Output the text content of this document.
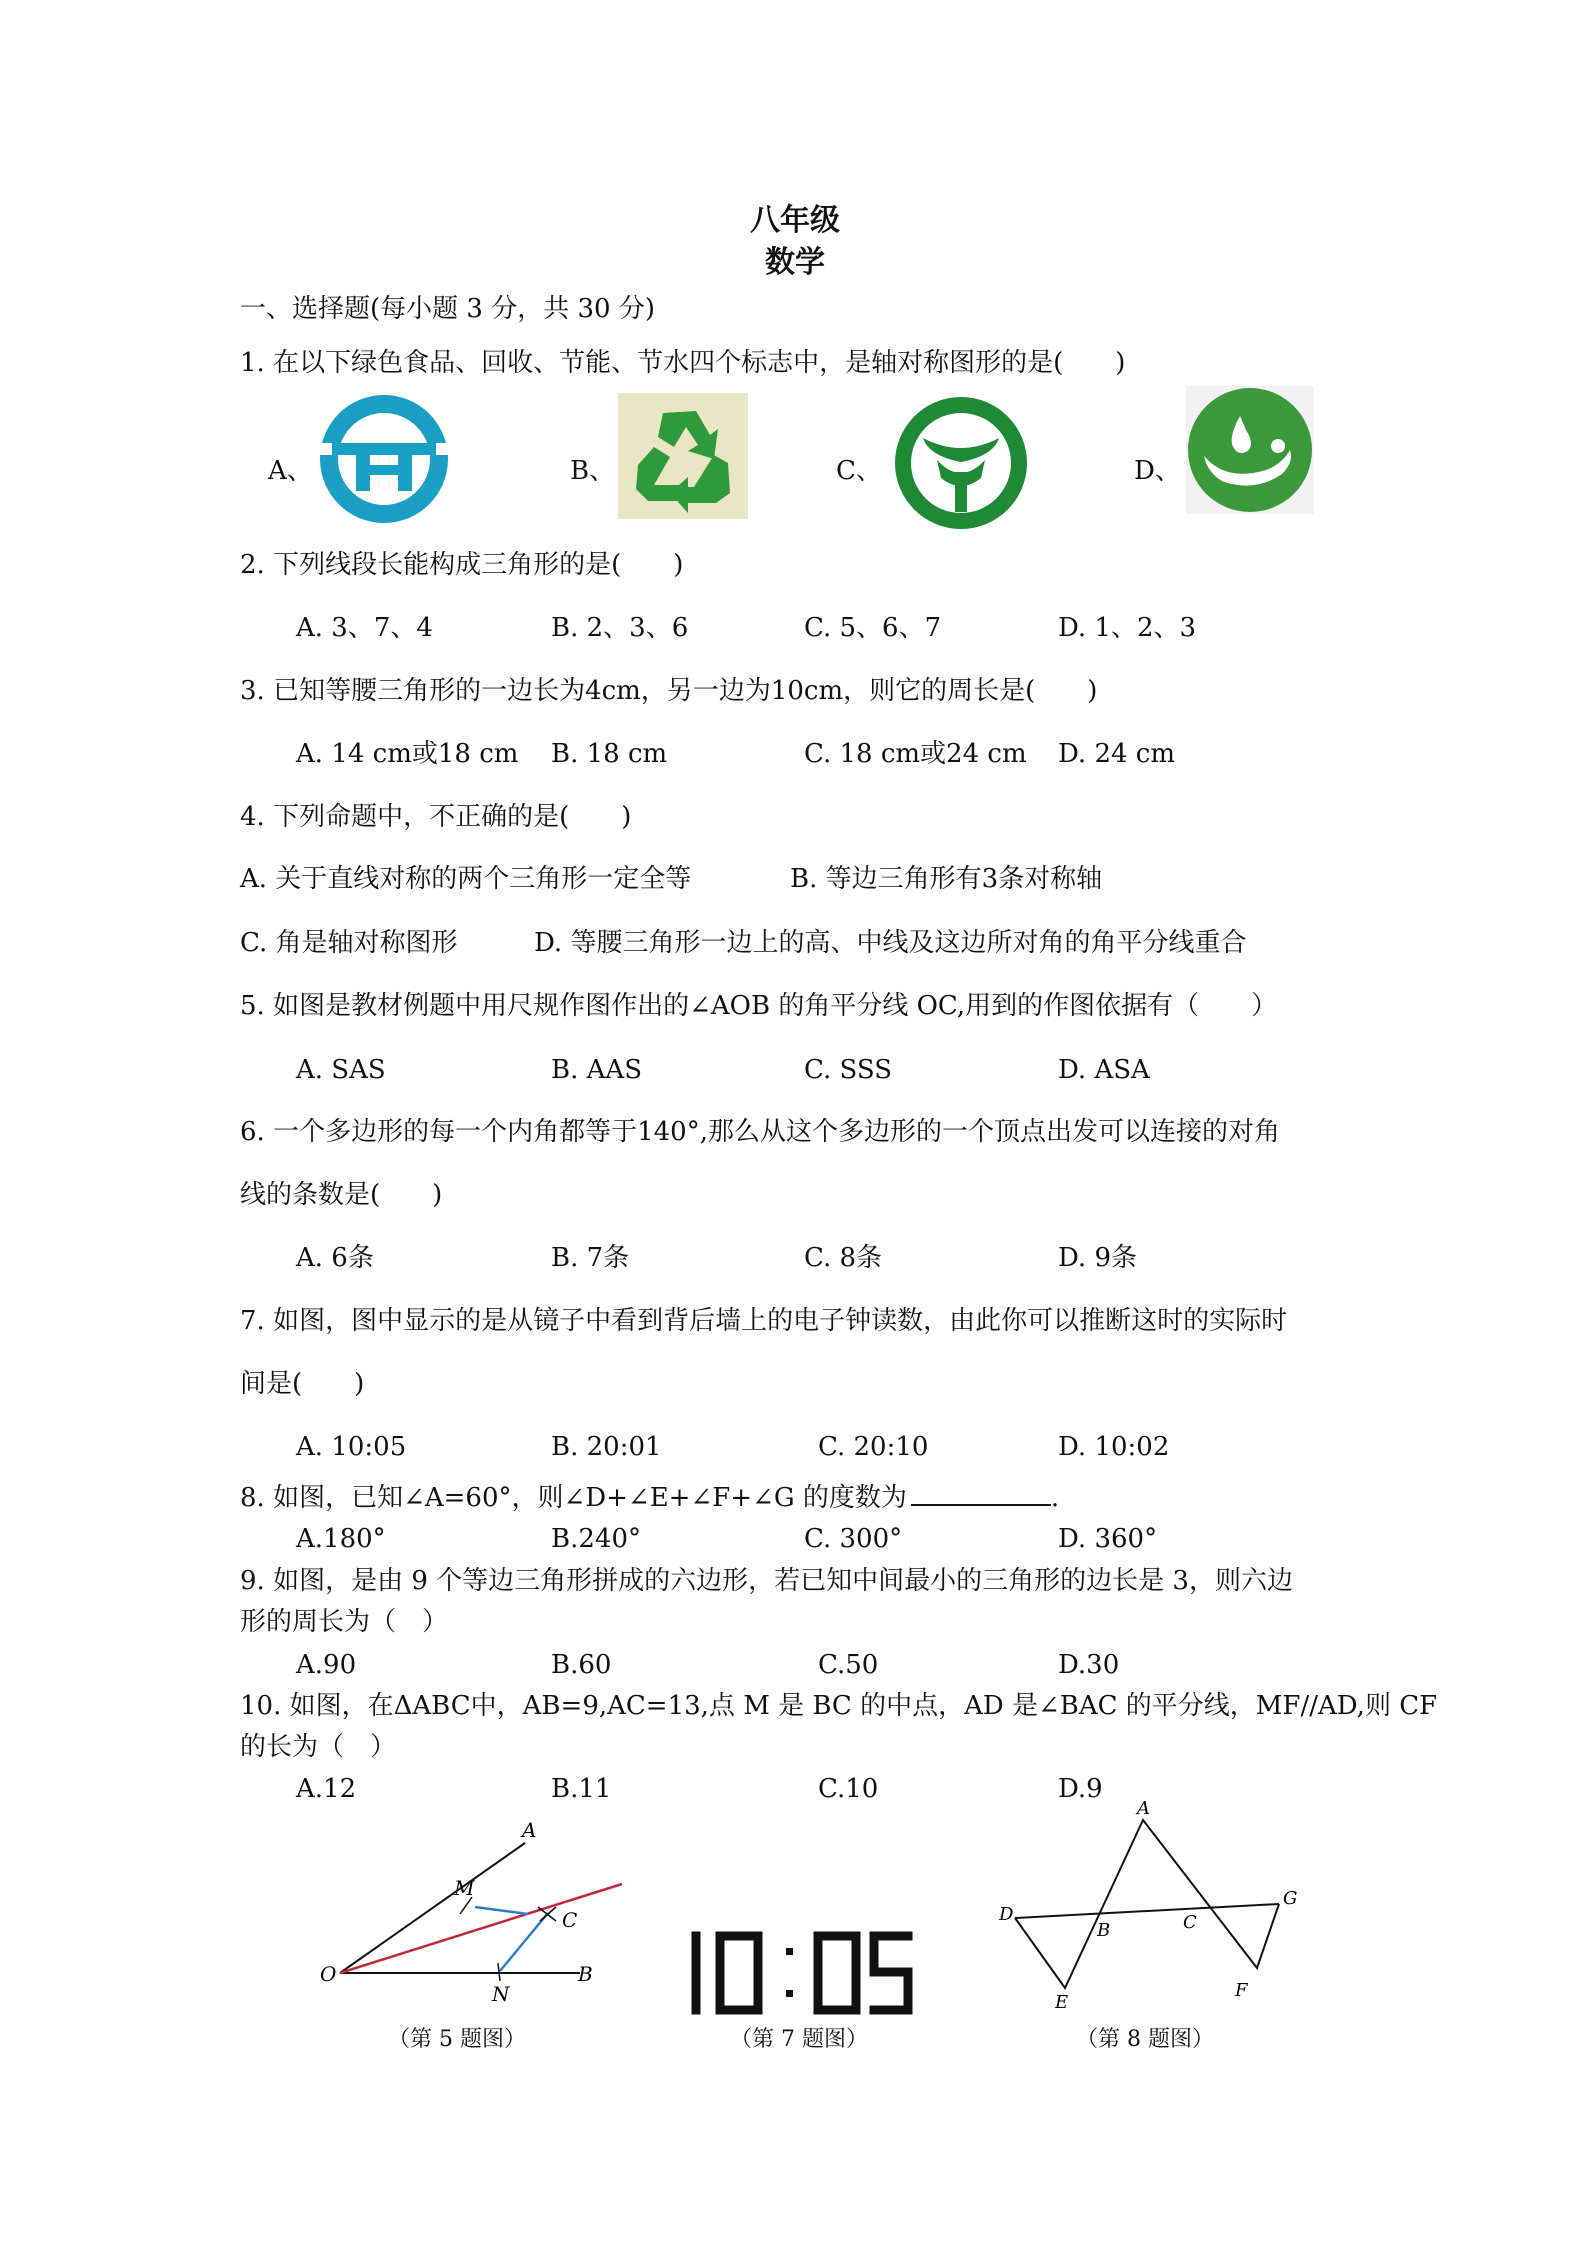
八年级
数学
一、选择题(每小题 3 分，共 30 分)
1. 在以下绿色食品、回收、节能、节水四个标志中，是轴对称图形的是(　　)
A、	B、	C、	D、
2. 下列线段长能构成三角形的是(　　)
A. 3、7、4	B. 2、3、6	C. 5、6、7	D. 1、2、3
3. 已知等腰三角形的一边长为4cm，另一边为10cm，则它的周长是(　　)
A. 14 cm或18 cm B. 18 cm	C. 18 cm或24 cm D. 24 cm
4. 下列命题中，不正确的是(　　)
A. 关于直线对称的两个三角形一定全等	B. 等边三角形有3条对称轴
C. 角是轴对称图形	D. 等腰三角形一边上的高、中线及这边所对角的角平分线重合
5. 如图是教材例题中用尺规作图作出的∠AOB 的角平分线 OC,用到的作图依据有（　　）
A. SAS	B. AAS	C. SSS	D. ASA
6. 一个多边形的每一个内角都等于140°,那么从这个多边形的一个顶点出发可以连接的对角
线的条数是(　　)
A. 6条	B. 7条	C. 8条	D. 9条
7. 如图，图中显示的是从镜子中看到背后墙上的电子钟读数，由此你可以推断这时的实际时
间是(　　)
A. 10:05	B. 20:01	C. 20:10	D. 10:02
8. 如图，已知∠A=60°，则∠D+∠E+∠F+∠G 的度数为	.
A.180°	B.240°	C. 300°	D. 360°
9. 如图，是由 9 个等边三角形拼成的六边形，若已知中间最小的三角形的边长是 3，则六边
形的周长为（　）
A.90	B.60	C.50	D.30
10. 如图，在ΔABC中，AB=9,AC=13,点 M 是 BC 的中点，AD 是∠BAC 的平分线，MF//AD,则 CF
的长为（　）
A.12	B.11	C.10	D.9
A
M
C
O
N
B
（第 5 题图）	（第 7 题图）
A
D
B	C
G
E
F
（第 8 题图）
